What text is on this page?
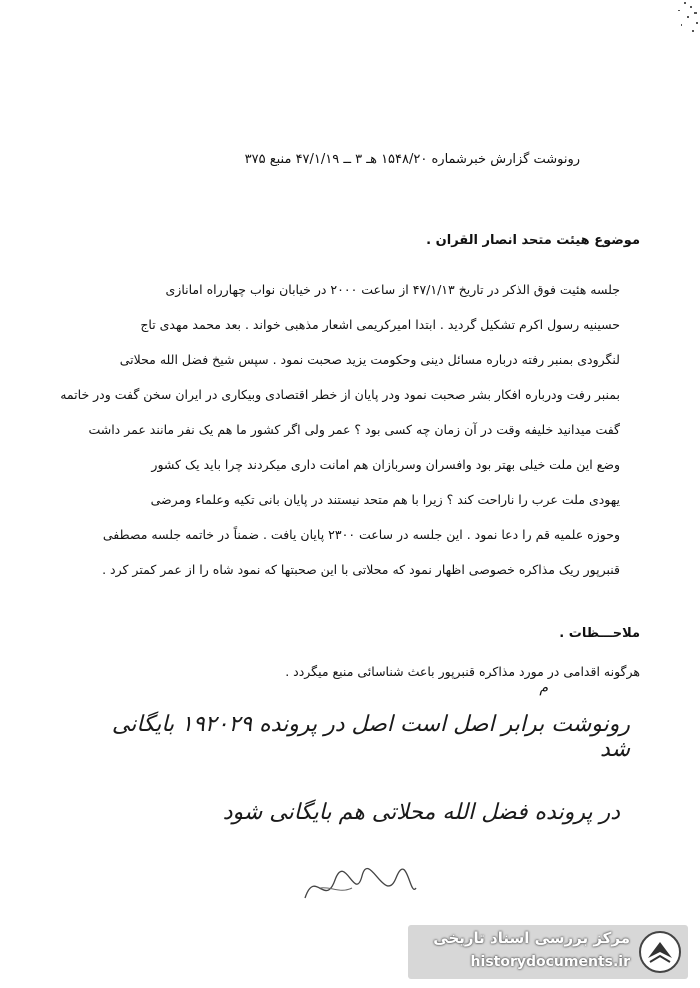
رونوشت گزارش خبرشماره ۱۵۴۸/۲۰ هـ ۳ ــ ۴۷/۱/۱۹ منبع ۳۷۵
موضوع هیئت متحد انصار القران .
جلسه هئیت فوق الذکر در تاریخ ۴۷/۱/۱۳ از ساعت ۲۰۰۰ در خیابان نواب چهارراه امانازی
حسینیه رسول اکرم تشکیل گردید . ابتدا امیرکریمی اشعار مذهبی خواند . بعد محمد مهدی تاج
لنگرودی بمنبر رفته درباره مسائل دینی وحکومت یزید صحبت نمود . سپس شیخ فضل الله محلاتی
بمنبر رفت ودرباره افکار بشر صحبت نمود ودر پایان از خطر اقتصادی وبیکاری در ایران سخن گفت ودر خاتمه
گفت میدانید خلیفه وقت در آن زمان چه کسی بود ؟ عمر ولی اگر کشور ما هم یک نفر مانند عمر داشت
وضع این ملت خیلی بهتر بود وافسران وسربازان هم امانت داری میکردند چرا باید یک کشور
یهودی ملت عرب را ناراحت کند ؟ زیرا با هم متحد نیستند در پایان بانی تکیه وعلماء ومرضی
وحوزه علمیه قم را دعا نمود . این جلسه در ساعت ۲۳۰۰ پایان یافت . ضمناً در خاتمه جلسه مصطفی
قنبرپور ریک مذاکره خصوصی اظهار نمود که محلاتی با این صحبتها که نمود شاه را از عمر کمتر کرد .
ملاحـــظات .
هرگونه اقدامی در مورد مذاکره قنبرپور باعث شناسائی منبع میگردد .
م
رونوشت برابر اصل است اصل در پرونده ۱۹۲۰۲۹ بایگانی شد
در پرونده فضل الله محلاتی هم بایگانی شود
مرکز بررسی اسناد تاریخی
historydocuments.ir
